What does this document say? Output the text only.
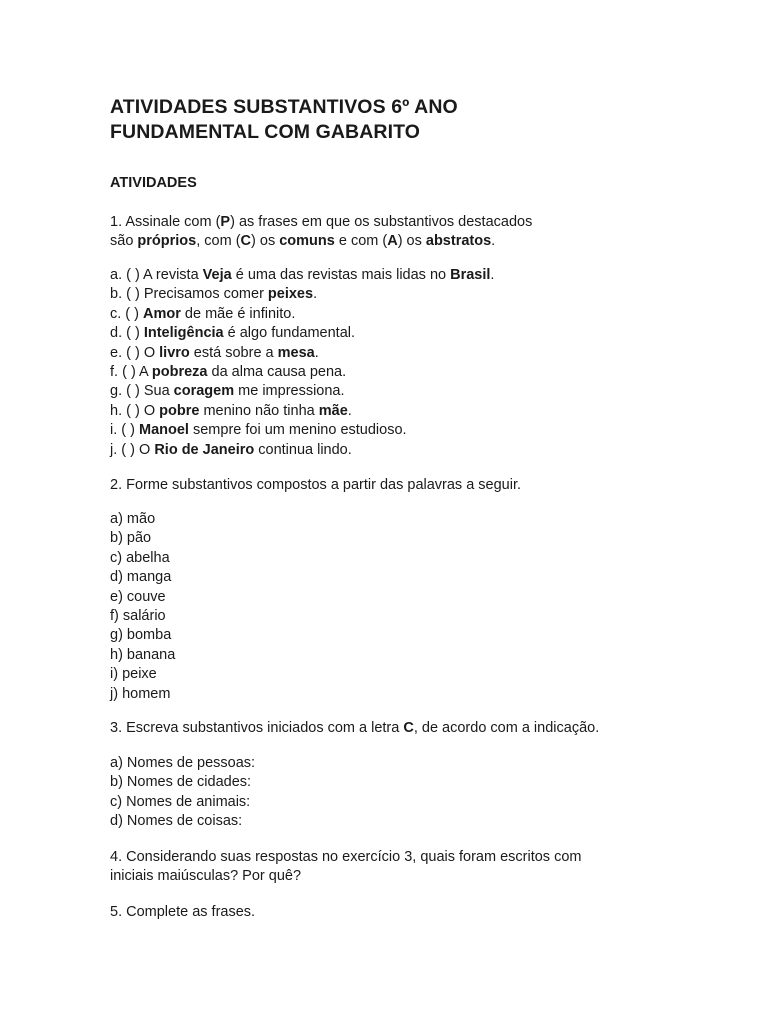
ATIVIDADES SUBSTANTIVOS 6º ANO
FUNDAMENTAL COM GABARITO

ATIVIDADES

1. Assinale com (P) as frases em que os substantivos destacados

são próprios, com (C) os comuns e com (A) os abstratos.

a. ( ) A revista Veja é uma das revistas mais lidas no Brasil.

b. ( ) Precisamos comer peixes.

c. ( ) Amor de mãe é infinito.

d. ( ) Inteligência é algo fundamental.

e. ( ) O livro está sobre a mesa.

f. ( ) A pobreza da alma causa pena.

g. ( ) Sua coragem me impressiona.

h. ( ) O pobre menino não tinha mãe.

i. ( ) Manoel sempre foi um menino estudioso.

j. ( ) O Rio de Janeiro continua lindo.

2. Forme substantivos compostos a partir das palavras a seguir.

a) mão

b) pão

c) abelha

d) manga

e) couve

f) salário

g) bomba

h) banana

i) peixe

j) homem

3. Escreva substantivos iniciados com a letra C, de acordo com a indicação.

a) Nomes de pessoas:

b) Nomes de cidades:

c) Nomes de animais:

d) Nomes de coisas:

4. Considerando suas respostas no exercício 3, quais foram escritos com

iniciais maiúsculas? Por quê?

5. Complete as frases.
